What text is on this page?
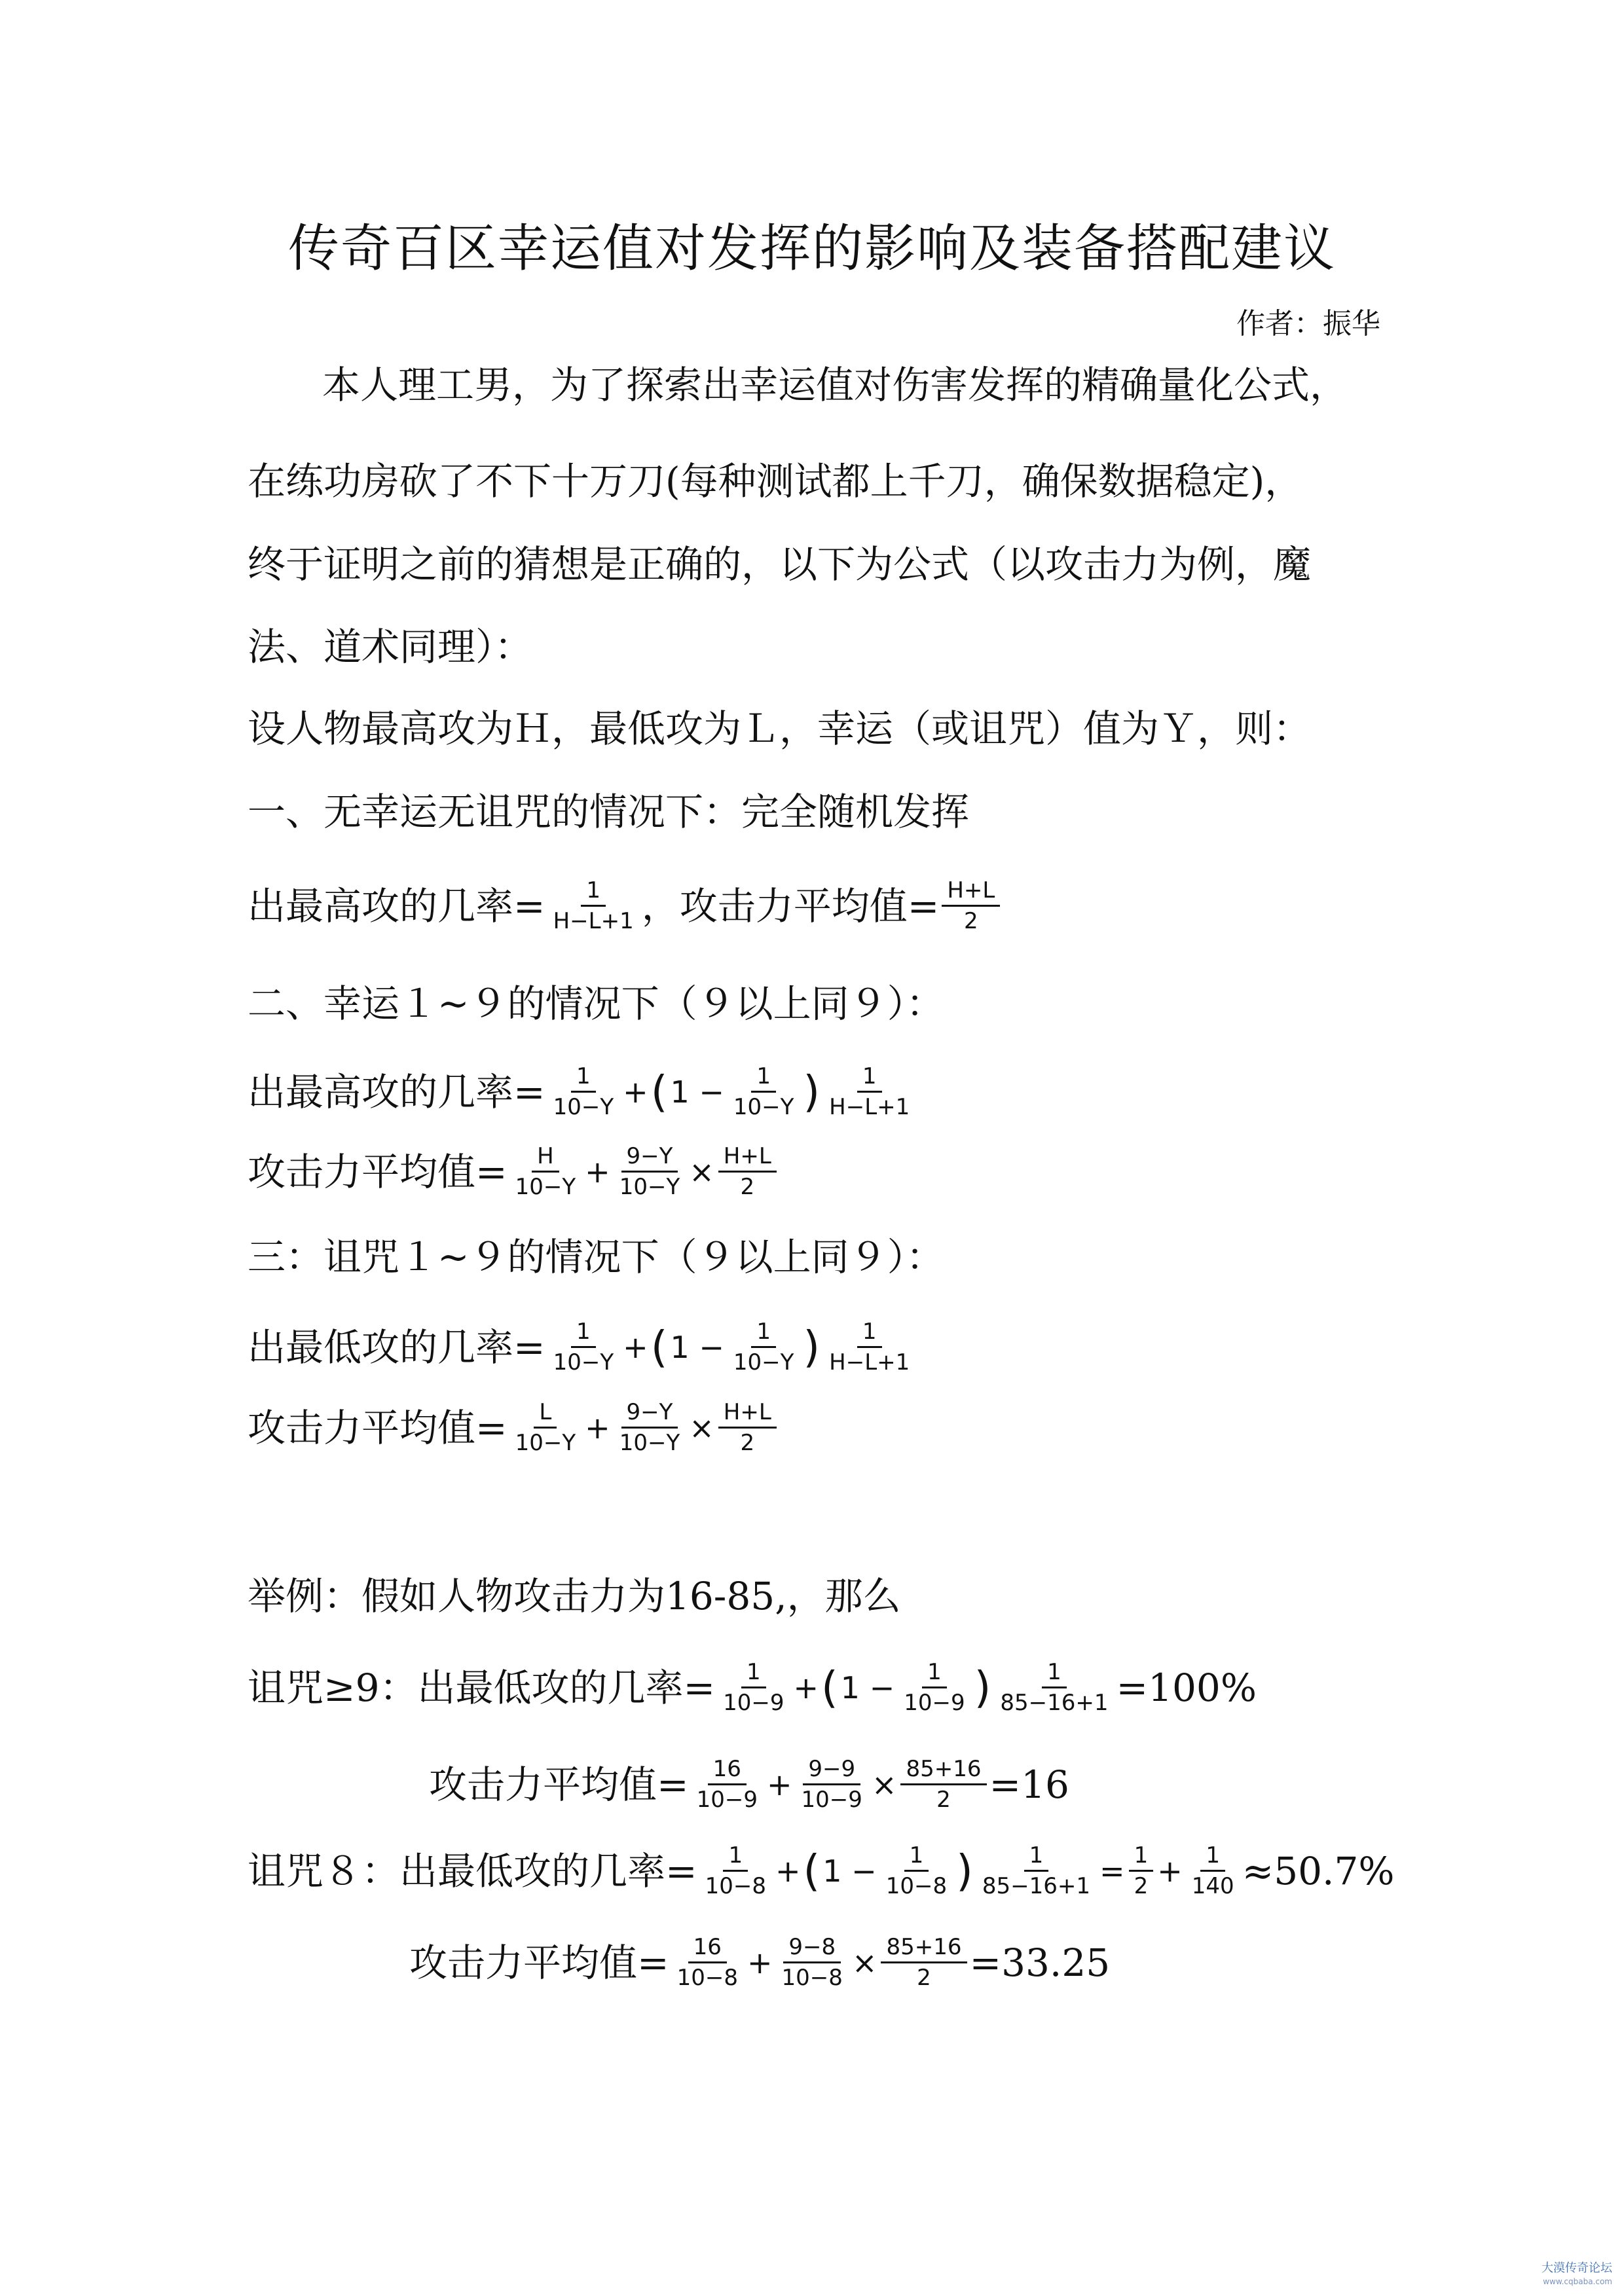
传奇百区幸运值对发挥的影响及装备搭配建议
作者：振华
本人理工男，为了探索出幸运值对伤害发挥的精确量化公式，
在练功房砍了不下十万刀(每种测试都上千刀，确保数据稳定)，
终于证明之前的猜想是正确的，以下为公式（以攻击力为例，魔
法、道术同理）：
设人物最高攻为Ｈ，最低攻为Ｌ，幸运（或诅咒）值为Ｙ，则：
一、无幸运无诅咒的情况下：完全随机发挥
出最高攻的几率= $\frac{1}{H-L+1}$ ，攻击力平均值= $\frac{H+L}{2}$
二、幸运１~９的情况下（９以上同９）：
出最高攻的几率= $\frac{1}{10-Y}$ + ( $1 - \frac{1}{10-Y}$ ) $\frac{1}{H-L+1}$
攻击力平均值= $\frac{H}{10-Y} + \frac{9-Y}{10-Y} \times \frac{H+L}{2}$
三：诅咒１~９的情况下（９以上同９）：
出最低攻的几率= $\frac{1}{10-Y}$ + ( $1 - \frac{1}{10-Y}$ ) $\frac{1}{H-L+1}$
攻击力平均值= $\frac{L}{10-Y} + \frac{9-Y}{10-Y} \times \frac{H+L}{2}$
举例：假如人物攻击力为16-85,，那么
诅咒≥9：出最低攻的几率= $\frac{1}{10-9}$ + ( $1 - \frac{1}{10-9}$ ) $\frac{1}{85-16+1} =100\%$
攻击力平均值= $\frac{16}{10-9} + \frac{9-9}{10-9} \times \frac{85+16}{2} =16$
诅咒８：出最低攻的几率= $\frac{1}{10-8}$ + ( $1 - \frac{1}{10-8}$ ) $\frac{1}{85-16+1} = \frac{1}{2} + \frac{1}{140} \approx 50.7\%$
攻击力平均值= $\frac{16}{10-8} + \frac{9-8}{10-8} \times \frac{85+16}{2} =33.25$
大漠传奇论坛
www.cqbaba.com
